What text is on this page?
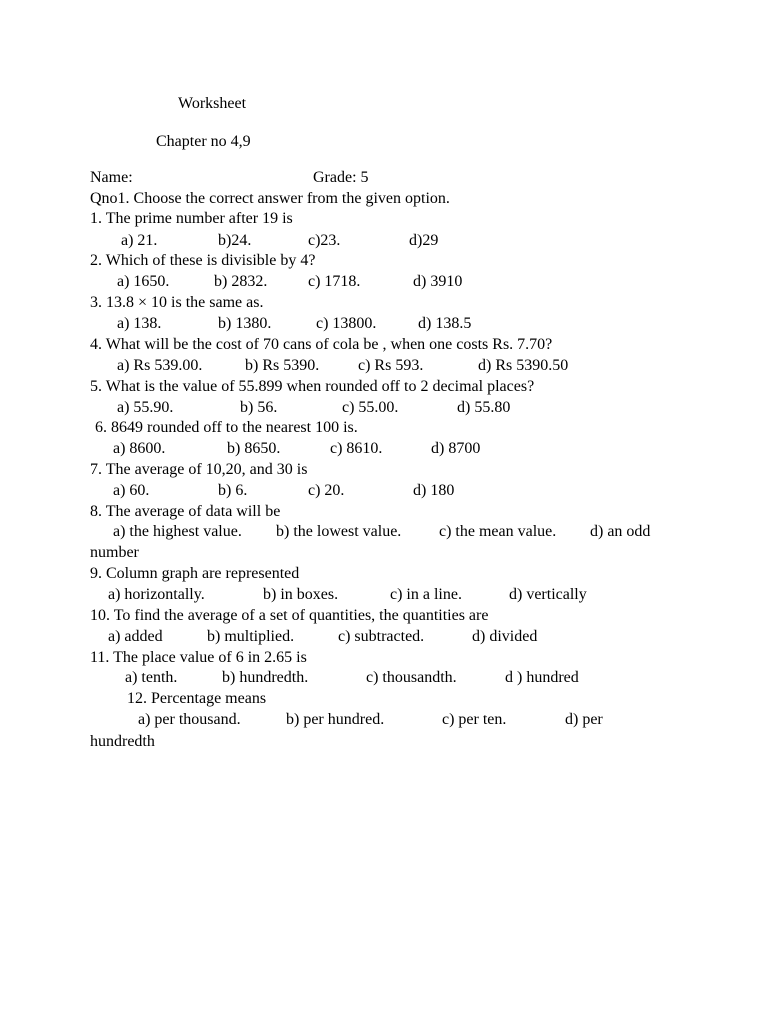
Worksheet
Chapter no 4,9
Name:	Grade: 5
Qno1. Choose the correct answer from the given option.
1. The prime number after 19 is
a) 21.	b)24.	c)23.	d)29
2. Which of these is divisible by 4?
a) 1650.	b) 2832.	c) 1718.	d) 3910
3. 13.8 × 10 is the same as.
a) 138.	b) 1380.	c) 13800.	d) 138.5
4. What will be the cost of 70 cans of cola be , when one costs Rs. 7.70?
a) Rs 539.00.	b) Rs 5390. c) Rs 593.	d) Rs 5390.50
5. What is the value of 55.899 when rounded off to 2 decimal places?
a) 55.90.	b) 56.	c) 55.00.	d) 55.80
6. 8649 rounded off to the nearest 100 is.
a) 8600.	b) 8650.	c) 8610.	d) 8700
7. The average of 10,20, and 30 is
a) 60.	b) 6.	c) 20.	d) 180
8. The average of data will be
a) the highest value. b) the lowest value. c) the mean value. d) an odd
number
9. Column graph are represented
a) horizontally.	b) in boxes.	c) in a line.	d) vertically
10. To find the average of a set of quantities, the quantities are
a) added	b) multiplied.	c) subtracted.	d) divided
11. The place value of 6 in 2.65 is
a) tenth.	b) hundredth.	c) thousandth.	d ) hundred
12. Percentage means
a) per thousand.	b) per hundred.	c) per ten.	d) per
hundredth
